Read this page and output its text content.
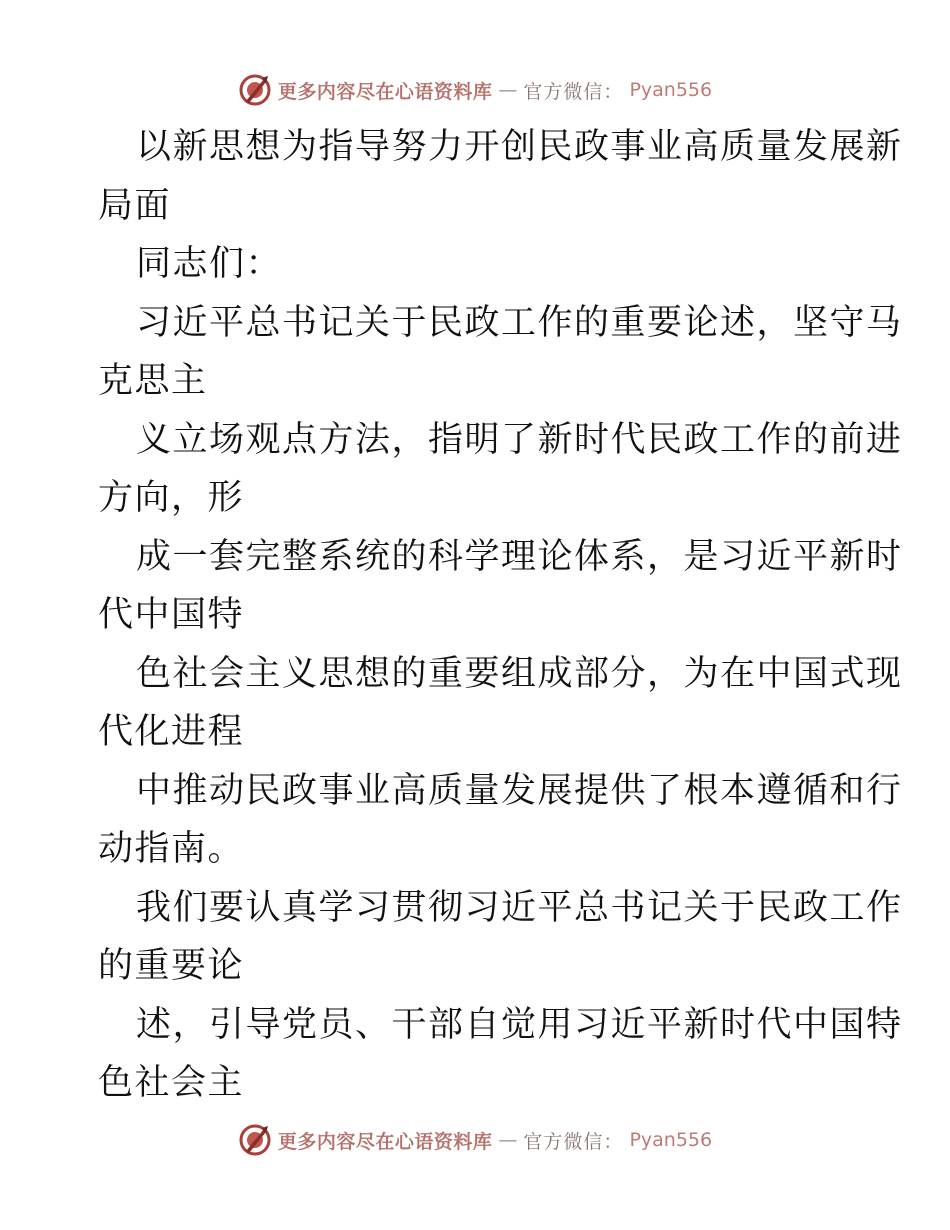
更多内容尽在心语资料库 — 官方微信： Pyan556
以新思想为指导努力开创民政事业高质量发展新
局面
同志们：
习近平总书记关于民政工作的重要论述，坚守马
克思主
义立场观点方法，指明了新时代民政工作的前进
方向，形
成一套完整系统的科学理论体系，是习近平新时
代中国特
色社会主义思想的重要组成部分，为在中国式现
代化进程
中推动民政事业高质量发展提供了根本遵循和行
动指南。
我们要认真学习贯彻习近平总书记关于民政工作
的重要论
述，引导党员、干部自觉用习近平新时代中国特
色社会主
更多内容尽在心语资料库 — 官方微信： Pyan556
